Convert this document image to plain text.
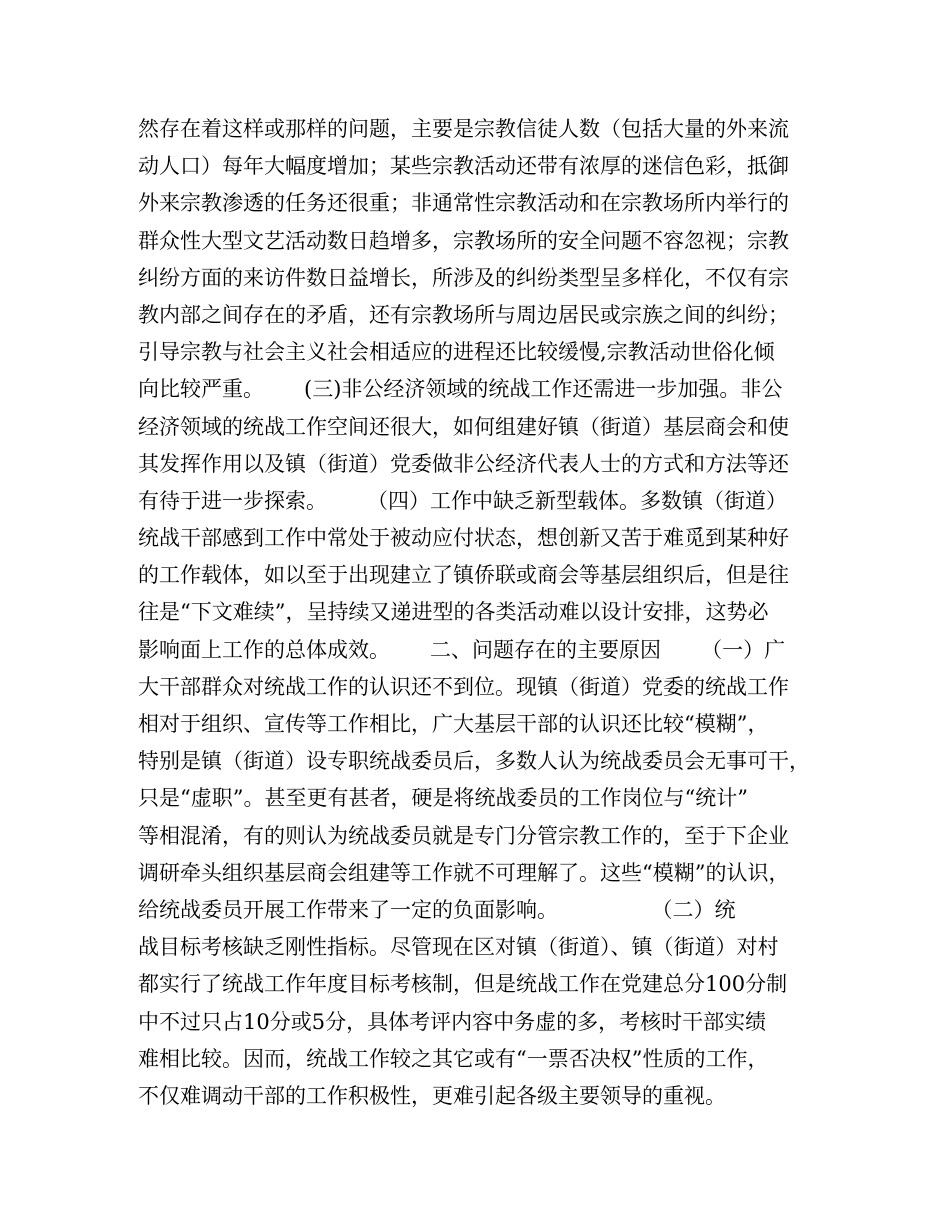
然存在着这样或那样的问题，主要是宗教信徒人数（包括大量的外来流
动人口）每年大幅度增加；某些宗教活动还带有浓厚的迷信色彩，抵御
外来宗教渗透的任务还很重；非通常性宗教活动和在宗教场所内举行的
群众性大型文艺活动数日趋增多，宗教场所的安全问题不容忽视；宗教
纠纷方面的来访件数日益增长，所涉及的纠纷类型呈多样化，不仅有宗
教内部之间存在的矛盾，还有宗教场所与周边居民或宗族之间的纠纷；
引导宗教与社会主义社会相适应的进程还比较缓慢,宗教活动世俗化倾
向比较严重。      (三)非公经济领域的统战工作还需进一步加强。非公
经济领域的统战工作空间还很大，如何组建好镇（街道）基层商会和使
其发挥作用以及镇（街道）党委做非公经济代表人士的方式和方法等还
有待于进一步探索。      （四）工作中缺乏新型载体。多数镇（街道）
统战干部感到工作中常处于被动应付状态，想创新又苦于难觅到某种好
的工作载体，如以至于出现建立了镇侨联或商会等基层组织后，但是往
往是“下文难续”，呈持续又递进型的各类活动难以设计安排，这势必
影响面上工作的总体成效。      二、问题存在的主要原因      （一）广
大干部群众对统战工作的认识还不到位。现镇（街道）党委的统战工作
相对于组织、宣传等工作相比，广大基层干部的认识还比较“模糊”，
特别是镇（街道）设专职统战委员后，多数人认为统战委员会无事可干，
只是“虚职”。甚至更有甚者，硬是将统战委员的工作岗位与“统计”
等相混淆，有的则认为统战委员就是专门分管宗教工作的，至于下企业
调研牵头组织基层商会组建等工作就不可理解了。这些“模糊”的认识，
给统战委员开展工作带来了一定的负面影响。              （二）统
战目标考核缺乏刚性指标。尽管现在区对镇（街道）、镇（街道）对村
都实行了统战工作年度目标考核制，但是统战工作在党建总分100分制
中不过只占10分或5分，具体考评内容中务虚的多，考核时干部实绩
难相比较。因而，统战工作较之其它或有“一票否决权”性质的工作，
不仅难调动干部的工作积极性，更难引起各级主要领导的重视。
